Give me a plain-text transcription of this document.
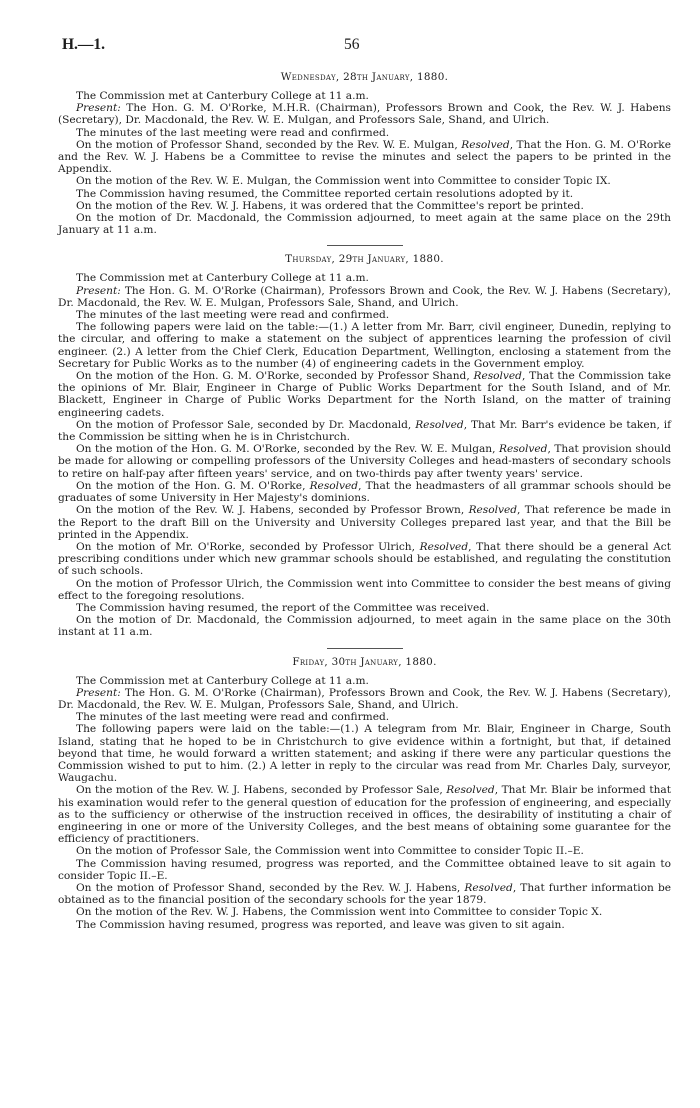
H.—1.	56
Wednesday, 28th January, 1880.

The Commission met at Canterbury College at 11 a.m.

Present: The Hon. G. M. O'Rorke, M.H.R. (Chairman), Professors Brown and Cook, the Rev. W. J. Habens (Secretary), Dr. Macdonald, the Rev. W. E. Mulgan, and Professors Sale, Shand, and Ulrich.

The minutes of the last meeting were read and confirmed.

On the motion of Professor Shand, seconded by the Rev. W. E. Mulgan, Resolved, That the Hon. G. M. O'Rorke and the Rev. W. J. Habens be a Committee to revise the minutes and select the papers to be printed in the Appendix.

On the motion of the Rev. W. E. Mulgan, the Commission went into Committee to consider Topic IX.

The Commission having resumed, the Committee reported certain resolutions adopted by it.

On the motion of the Rev. W. J. Habens, it was ordered that the Committee's report be printed.

On the motion of Dr. Macdonald, the Commission adjourned, to meet again at the same place on the 29th January at 11 a.m.

Thursday, 29th January, 1880.

The Commission met at Canterbury College at 11 a.m.

Present: The Hon. G. M. O'Rorke (Chairman), Professors Brown and Cook, the Rev. W. J. Habens (Secretary), Dr. Macdonald, the Rev. W. E. Mulgan, Professors Sale, Shand, and Ulrich.

The minutes of the last meeting were read and confirmed.

The following papers were laid on the table:—(1.) A letter from Mr. Barr, civil engineer, Dunedin, replying to the circular, and offering to make a statement on the subject of apprentices learning the profession of civil engineer. (2.) A letter from the Chief Clerk, Education Department, Wellington, enclosing a statement from the Secretary for Public Works as to the number (4) of engineering cadets in the Government employ.

On the motion of the Hon. G. M. O'Rorke, seconded by Professor Shand, Resolved, That the Commission take the opinions of Mr. Blair, Engineer in Charge of Public Works Department for the South Island, and of Mr. Blackett, Engineer in Charge of Public Works Department for the North Island, on the matter of training engineering cadets.

On the motion of Professor Sale, seconded by Dr. Macdonald, Resolved, That Mr. Barr's evidence be taken, if the Commission be sitting when he is in Christchurch.

On the motion of the Hon. G. M. O'Rorke, seconded by the Rev. W. E. Mulgan, Resolved, That provision should be made for allowing or compelling professors of the University Colleges and head-masters of secondary schools to retire on half-pay after fifteen years' service, and on two-thirds pay after twenty years' service.

On the motion of the Hon. G. M. O'Rorke, Resolved, That the headmasters of all grammar schools should be graduates of some University in Her Majesty's dominions.

On the motion of the Rev. W. J. Habens, seconded by Professor Brown, Resolved, That reference be made in the Report to the draft Bill on the University and University Colleges prepared last year, and that the Bill be printed in the Appendix.

On the motion of Mr. O'Rorke, seconded by Professor Ulrich, Resolved, That there should be a general Act prescribing conditions under which new grammar schools should be established, and regulating the constitution of such schools.

On the motion of Professor Ulrich, the Commission went into Committee to consider the best means of giving effect to the foregoing resolutions.

The Commission having resumed, the report of the Committee was received.

On the motion of Dr. Macdonald, the Commission adjourned, to meet again in the same place on the 30th instant at 11 a.m.

Friday, 30th January, 1880.

The Commission met at Canterbury College at 11 a.m.

Present: The Hon. G. M. O'Rorke (Chairman), Professors Brown and Cook, the Rev. W. J. Habens (Secretary), Dr. Macdonald, the Rev. W. E. Mulgan, Professors Sale, Shand, and Ulrich.

The minutes of the last meeting were read and confirmed.

The following papers were laid on the table:—(1.) A telegram from Mr. Blair, Engineer in Charge, South Island, stating that he hoped to be in Christchurch to give evidence within a fortnight, but that, if detained beyond that time, he would forward a written statement; and asking if there were any particular questions the Commission wished to put to him. (2.) A letter in reply to the circular was read from Mr. Charles Daly, surveyor, Waugachu.

On the motion of the Rev. W. J. Habens, seconded by Professor Sale, Resolved, That Mr. Blair be informed that his examination would refer to the general question of education for the profession of engineering, and especially as to the sufficiency or otherwise of the instruction received in offices, the desirability of instituting a chair of engineering in one or more of the University Colleges, and the best means of obtaining some guarantee for the efficiency of practitioners.

On the motion of Professor Sale, the Commission went into Committee to consider Topic II.–E.

The Commission having resumed, progress was reported, and the Committee obtained leave to sit again to consider Topic II.–E.

On the motion of Professor Shand, seconded by the Rev. W. J. Habens, Resolved, That further information be obtained as to the financial position of the secondary schools for the year 1879.

On the motion of the Rev. W. J. Habens, the Commission went into Committee to consider Topic X.

The Commission having resumed, progress was reported, and leave was given to sit again.
